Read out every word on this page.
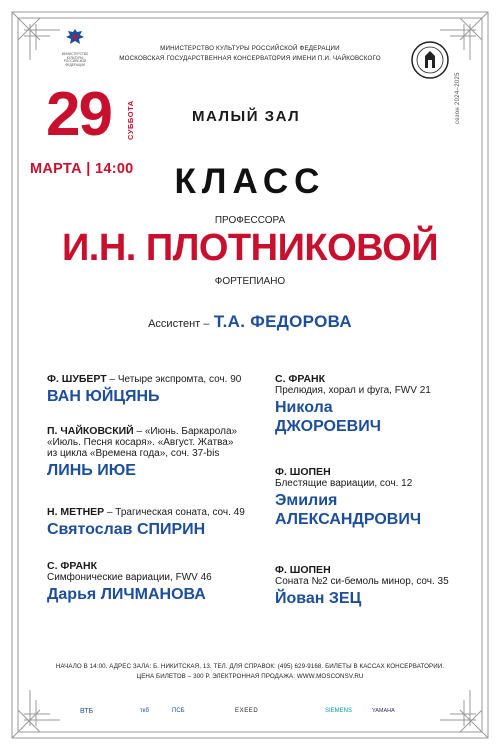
МИНИСТЕРСТВО КУЛЬТУРЫ РОССИЙСКОЙ ФЕДЕРАЦИИ
МИНИСТЕРСТВО КУЛЬТУРЫ РОССИЙСКОЙ ФЕДЕРАЦИИ
МОСКОВСКАЯ ГОСУДАРСТВЕННАЯ КОНСЕРВАТОРИЯ ИМЕНИ П.И. ЧАЙКОВСКОГО
сезон 2024–2025
29 СУББОТА
МАРТА | 14:00
МАЛЫЙ ЗАЛ
КЛАСС
ПРОФЕССОРА
И.Н. ПЛОТНИКОВОЙ
ФОРТЕПИАНО
Ассистент – Т.А. ФЕДОРОВА
Ф. ШУБЕРТ – Четыре экспромта, соч. 90
ВАН ЮЙЦЯНЬ
П. ЧАЙКОВСКИЙ – «Июнь. Баркарола»
«Июль. Песня косаря». «Август. Жатва»
из цикла «Времена года», соч. 37-bis
ЛИНЬ ИЮЕ
Н. МЕТНЕР – Трагическая соната, соч. 49
Святослав СПИРИН
С. ФРАНК
Симфонические вариации, FWV 46
Дарья ЛИЧМАНОВА
С. ФРАНК
Прелюдия, хорал и фуга, FWV 21
Никола
ДЖОРОЕВИЧ
Ф. ШОПЕН
Блестящие вариации, соч. 12
Эмилия
АЛЕКСАНДРОВИЧ
Ф. ШОПЕН
Соната №2 си-бемоль минор, соч. 35
Йован ЗЕЦ
НАЧАЛО В 14:00. АДРЕС ЗАЛА: Б. НИКИТСКАЯ, 13. ТЕЛ. ДЛЯ СПРАВОК: (495) 629-9168. БИЛЕТЫ В КАССАХ КОНСЕРВАТОРИИ.
ЦЕНА БИЛЕТОВ – 300 Р. ЭЛЕКТРОННАЯ ПРОДАЖА: WWW.MOSCONSV.RU
ВТБ	ткб	ПСБ	EXEED	SIEMENS	YAMAHA
